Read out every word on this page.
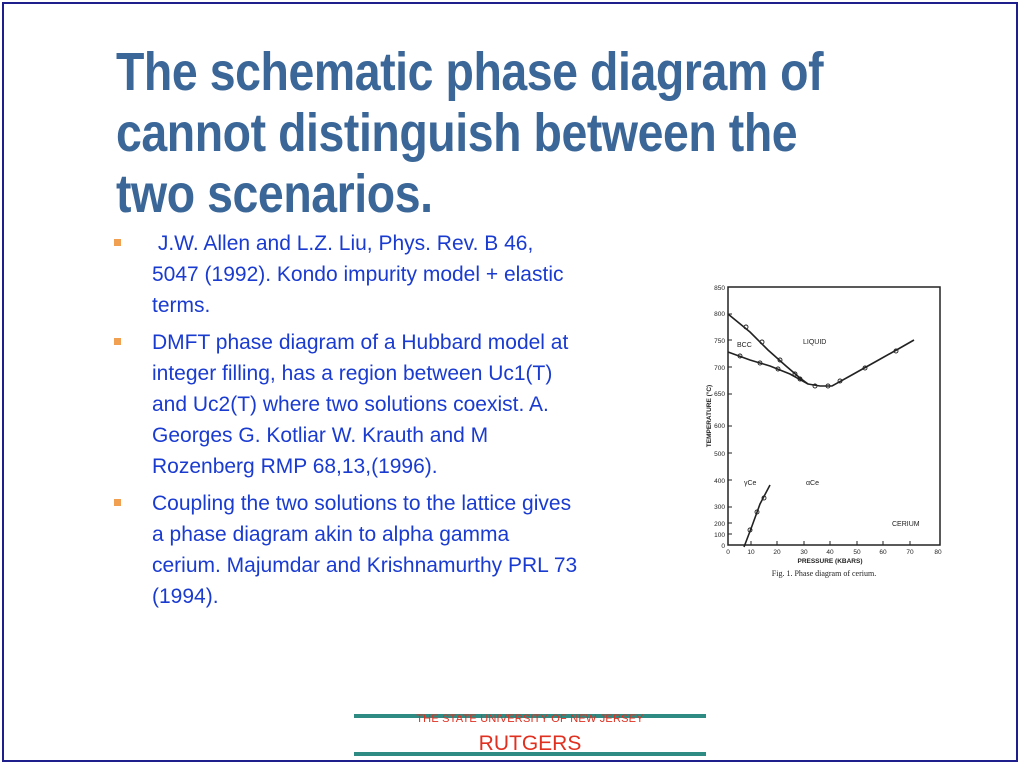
The schematic phase diagram of
cannot distinguish between the
two scenarios.
J.W. Allen and L.Z. Liu, Phys. Rev. B 46, 5047 (1992). Kondo impurity model + elastic terms.
DMFT phase diagram of a Hubbard model at integer filling, has a region between Uc1(T) and Uc2(T) where two solutions coexist. A. Georges G. Kotliar W. Krauth and M Rozenberg RMP 68,13,(1996).
Coupling the two solutions to the lattice gives a phase diagram akin to alpha gamma cerium. Majumdar and Krishnamurthy PRL 73 (1994).
850
800
750
700
650
600
500
400
300
200
100
0
0	10	20	30	40	50	60	70	80
TEMPERATURE (°C)
PRESSURE (KBARS)
LIQUID
BCC
γCe	αCe
CERIUM
Fig. 1. Phase diagram of cerium.
THE STATE UNIVERSITY OF NEW JERSEY
RUTGERS
